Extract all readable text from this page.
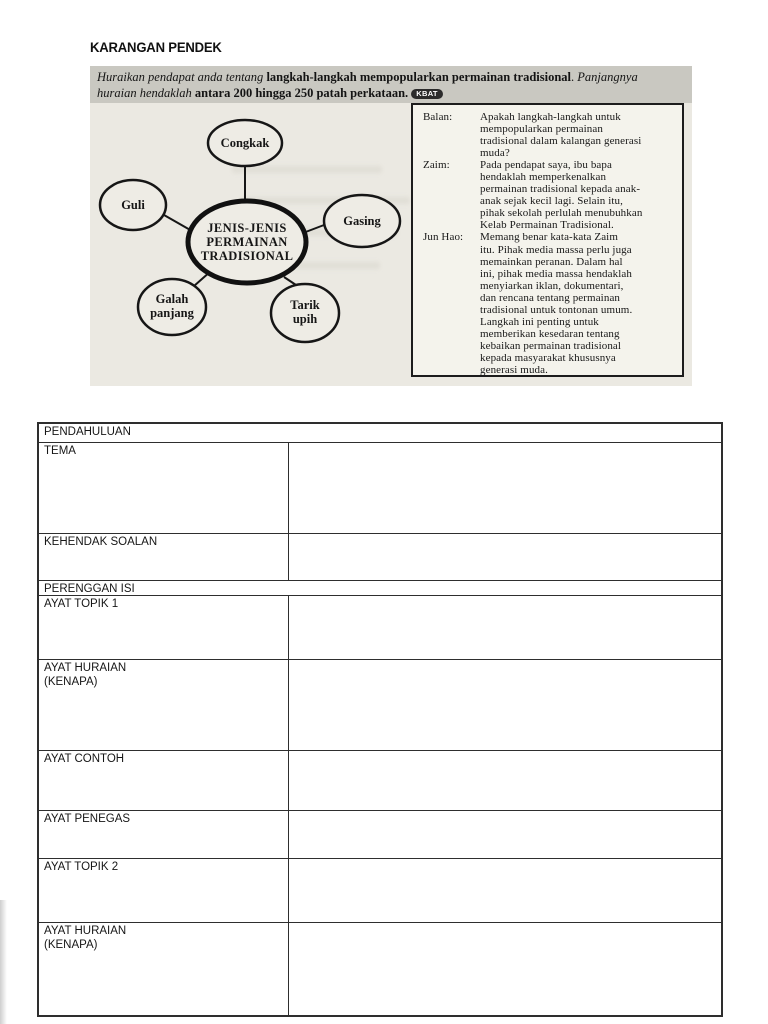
KARANGAN PENDEK
Huraikan pendapat anda tentang langkah-langkah mempopularkan permainan tradisional. Panjangnya
huraian hendaklah antara 200 hingga 250 patah perkataan. KBAT
Congkak
Guli
Gasing
Galah
panjang
Tarik
upih
JENIS-JENIS
PERMAINAN
TRADISIONAL
Balan:	Apakah langkah-langkah untuk
mempopularkan permainan
tradisional dalam kalangan generasi
muda?
Zaim:	Pada pendapat saya, ibu bapa
hendaklah memperkenalkan
permainan tradisional kepada anak-
anak sejak kecil lagi. Selain itu,
pihak sekolah perlulah menubuhkan
Kelab Permainan Tradisional.
Jun Hao:	Memang benar kata-kata Zaim
itu. Pihak media massa perlu juga
memainkan peranan. Dalam hal
ini, pihak media massa hendaklah
menyiarkan iklan, dokumentari,
dan rencana tentang permainan
tradisional untuk tontonan umum.
Langkah ini penting untuk
memberikan kesedaran tentang
kebaikan permainan tradisional
kepada masyarakat khususnya
generasi muda.
PENDAHULUAN
TEMA
KEHENDAK SOALAN
PERENGGAN ISI
AYAT TOPIK 1
AYAT HURAIAN
(KENAPA)
AYAT CONTOH
AYAT PENEGAS
AYAT TOPIK 2
AYAT HURAIAN
(KENAPA)
